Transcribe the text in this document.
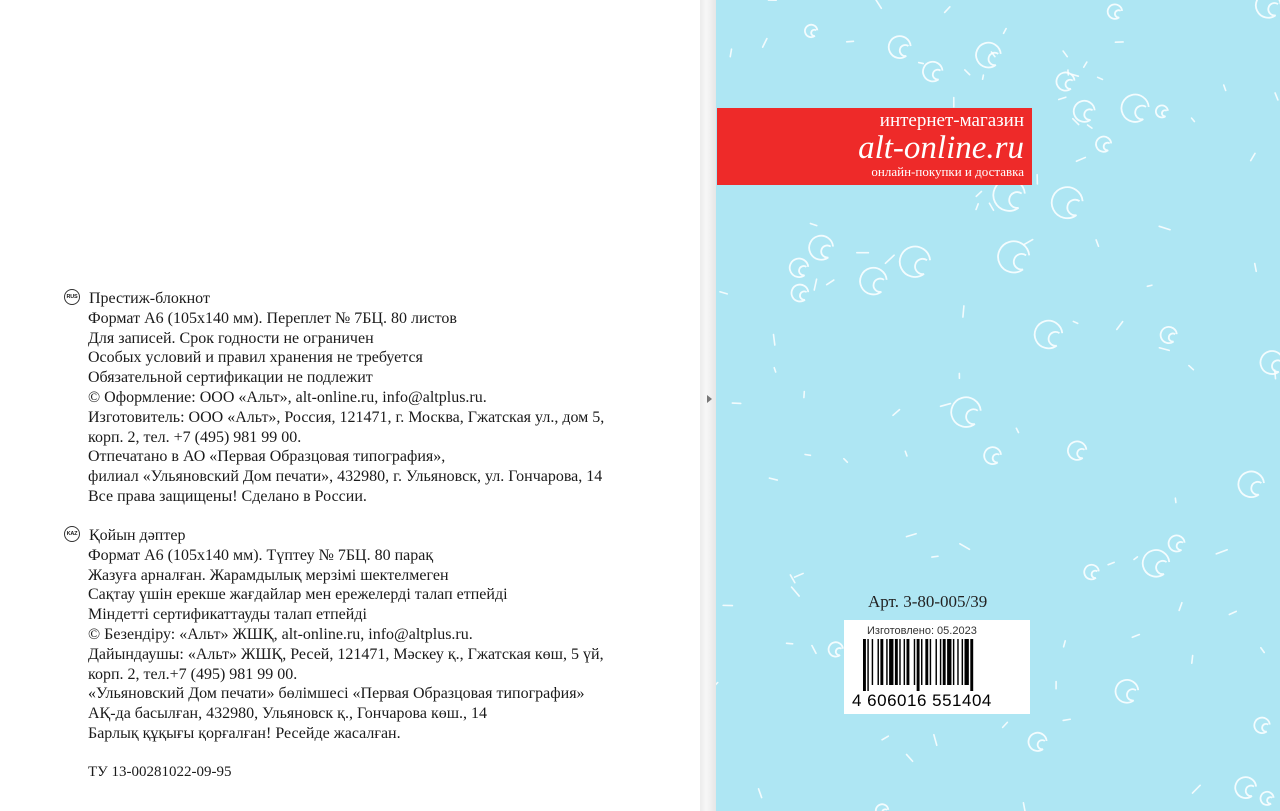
RUS Престиж-блокнот
Формат А6 (105х140 мм). Переплет № 7БЦ. 80 листов
Для записей. Срок годности не ограничен
Особых условий и правил хранения не требуется
Обязательной сертификации не подлежит
© Оформление: ООО «Альт», alt-online.ru, info@altplus.ru.
Изготовитель: ООО «Альт», Россия, 121471, г. Москва, Гжатская ул., дом 5,
корп. 2, тел. +7 (495) 981 99 00.
Отпечатано в АО «Первая Образцовая типография»,
филиал «Ульяновский Дом печати», 432980, г. Ульяновск, ул. Гончарова, 14
Все права защищены! Сделано в России.
KAZ Қойын дәптер
Формат А6 (105х140 мм). Түптеу № 7БЦ. 80 парақ
Жазуға арналған. Жарамдылық мерзімі шектелмеген
Сақтау үшін ерекше жағдайлар мен ережелерді талап етпейді
Міндетті сертификаттауды талап етпейді
© Безендіру: «Альт» ЖШҚ, alt-online.ru, info@altplus.ru.
Дайындаушы: «Альт» ЖШҚ, Ресей, 121471, Мәскеу қ., Гжатская көш, 5 үй,
корп. 2, тел.+7 (495) 981 99 00.
«Ульяновский Дом печати» бөлімшесі «Первая Образцовая типография»
АҚ-да басылған, 432980, Ульяновск қ., Гончарова көш., 14
Барлық құқығы қорғалған! Ресейде жасалған.
ТУ 13-00281022-09-95
интернет-магазин
alt-online.ru
онлайн-покупки и доставка
Арт. 3-80-005/39
Изготовлено: 05.2023
4 606016 551404
